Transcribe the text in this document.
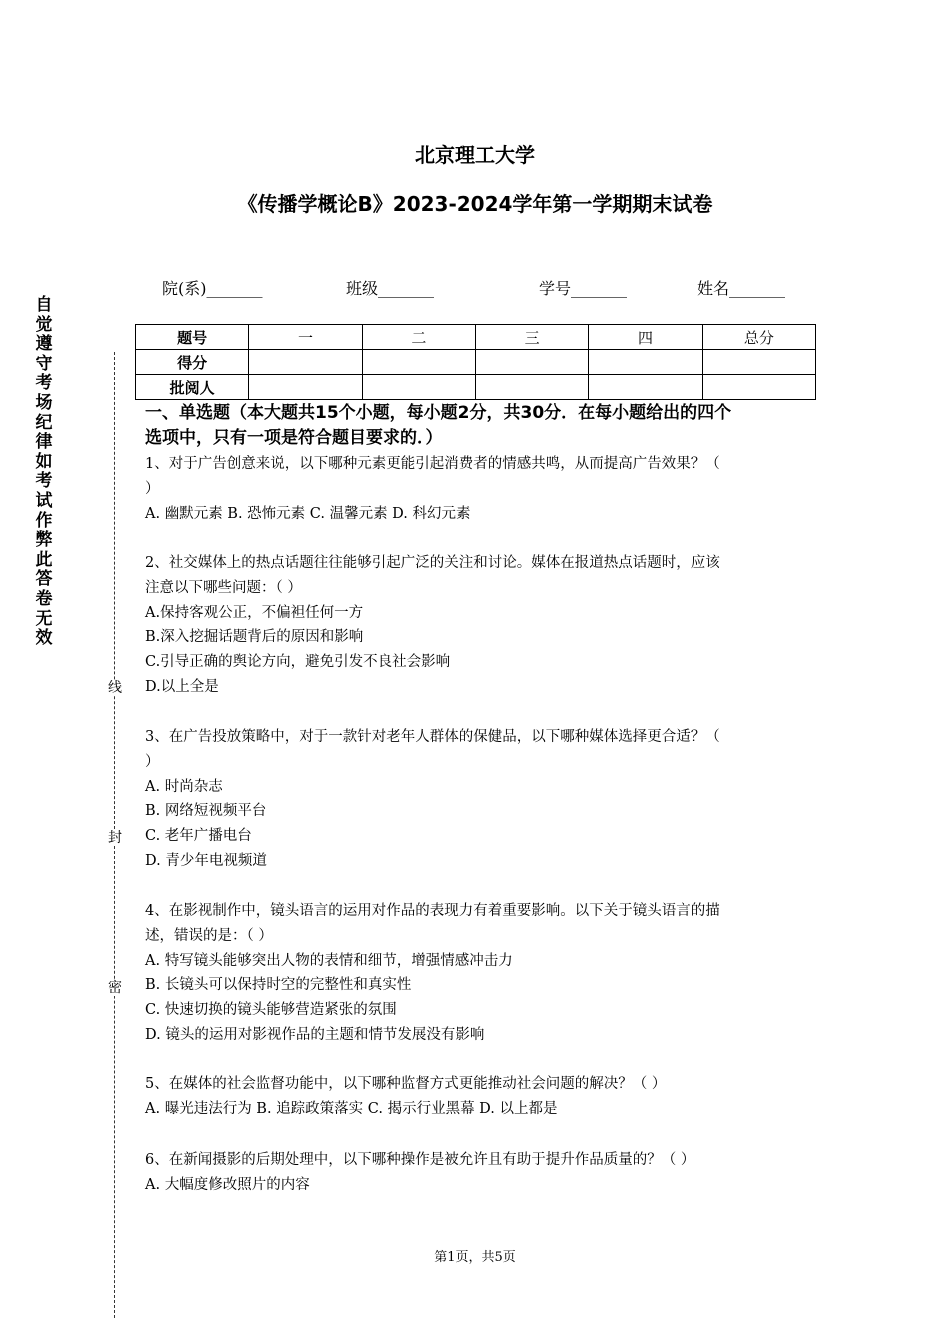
自觉遵守考场纪律如考试作弊此答卷无效
线
封
密
北京理工大学
《传播学概论B》2023-2024学年第一学期期末试卷
院(系)_______	班级_______	学号_______	姓名_______
题号	一	二	三	四	总分
得分					
批阅人					
一、单选题（本大题共15个小题，每小题2分，共30分．在每小题给出的四个
选项中，只有一项是符合题目要求的．）
1、对于广告创意来说，以下哪种元素更能引起消费者的情感共鸣，从而提高广告效果？（
）
A. 幽默元素 B. 恐怖元素 C. 温馨元素 D. 科幻元素
2、社交媒体上的热点话题往往能够引起广泛的关注和讨论。媒体在报道热点话题时，应该
注意以下哪些问题：（ ）
A.保持客观公正，不偏袒任何一方
B.深入挖掘话题背后的原因和影响
C.引导正确的舆论方向，避免引发不良社会影响
D.以上全是
3、在广告投放策略中，对于一款针对老年人群体的保健品，以下哪种媒体选择更合适？（
）
A. 时尚杂志
B. 网络短视频平台
C. 老年广播电台
D. 青少年电视频道
4、在影视制作中，镜头语言的运用对作品的表现力有着重要影响。以下关于镜头语言的描
述，错误的是：（ ）
A. 特写镜头能够突出人物的表情和细节，增强情感冲击力
B. 长镜头可以保持时空的完整性和真实性
C. 快速切换的镜头能够营造紧张的氛围
D. 镜头的运用对影视作品的主题和情节发展没有影响
5、在媒体的社会监督功能中，以下哪种监督方式更能推动社会问题的解决？（ ）
A. 曝光违法行为 B. 追踪政策落实 C. 揭示行业黑幕 D. 以上都是
6、在新闻摄影的后期处理中，以下哪种操作是被允许且有助于提升作品质量的？（ ）
A. 大幅度修改照片的内容
第1页，共5页
